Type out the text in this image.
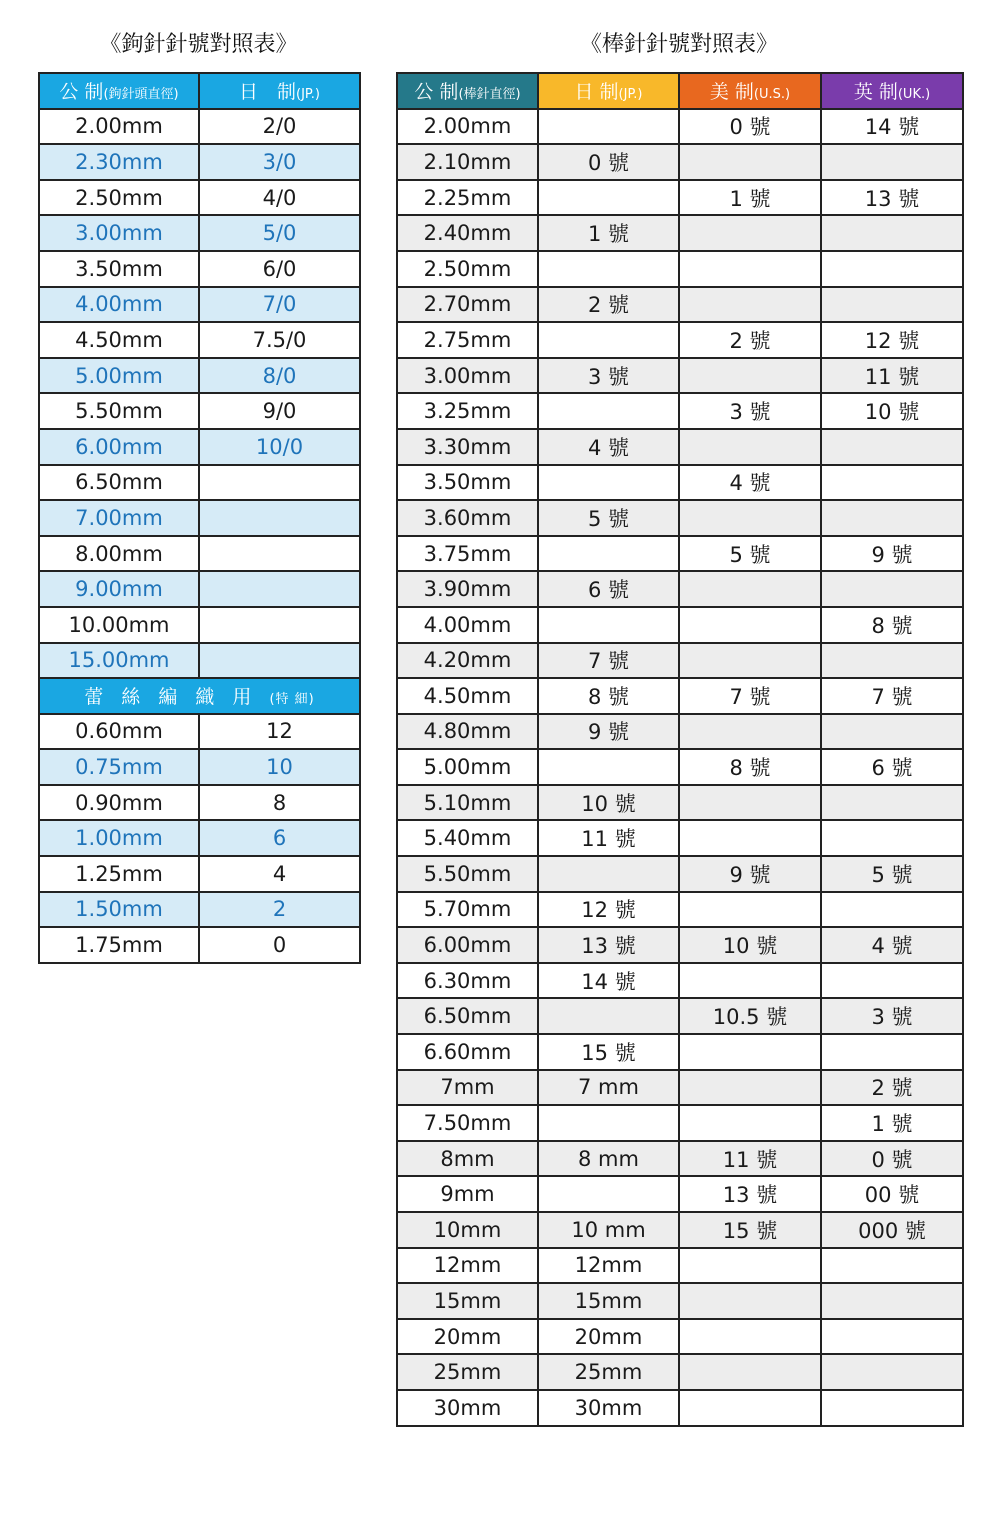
《鉤針針號對照表》	《棒針針號對照表》
公 制(鉤針頭直徑)	日　制(JP.)
2.00mm	2/0
2.30mm	3/0
2.50mm	4/0
3.00mm	5/0
3.50mm	6/0
4.00mm	7/0
4.50mm	7.5/0
5.00mm	8/0
5.50mm	9/0
6.00mm	10/0
6.50mm	
7.00mm	
8.00mm	
9.00mm	
10.00mm	
15.00mm	
蕾 絲 編 織 用 (特 細)	
0.60mm	12
0.75mm	10
0.90mm	8
1.00mm	6
1.25mm	4
1.50mm	2
1.75mm	0
公 制(棒針直徑)	日 制(JP.)	美 制(U.S.)	英 制(UK.)
2.00mm		0 號	14 號
2.10mm	0 號		
2.25mm		1 號	13 號
2.40mm	1 號		
2.50mm			
2.70mm	2 號		
2.75mm		2 號	12 號
3.00mm	3 號		11 號
3.25mm		3 號	10 號
3.30mm	4 號		
3.50mm		4 號	
3.60mm	5 號		
3.75mm		5 號	9 號
3.90mm	6 號		
4.00mm			8 號
4.20mm	7 號		
4.50mm	8 號	7 號	7 號
4.80mm	9 號		
5.00mm		8 號	6 號
5.10mm	10 號		
5.40mm	11 號		
5.50mm		9 號	5 號
5.70mm	12 號		
6.00mm	13 號	10 號	4 號
6.30mm	14 號		
6.50mm		10.5 號	3 號
6.60mm	15 號		
7mm	7 mm		2 號
7.50mm			1 號
8mm	8 mm	11 號	0 號
9mm		13 號	00 號
10mm	10 mm	15 號	000 號
12mm	12mm		
15mm	15mm		
20mm	20mm		
25mm	25mm		
30mm	30mm		
